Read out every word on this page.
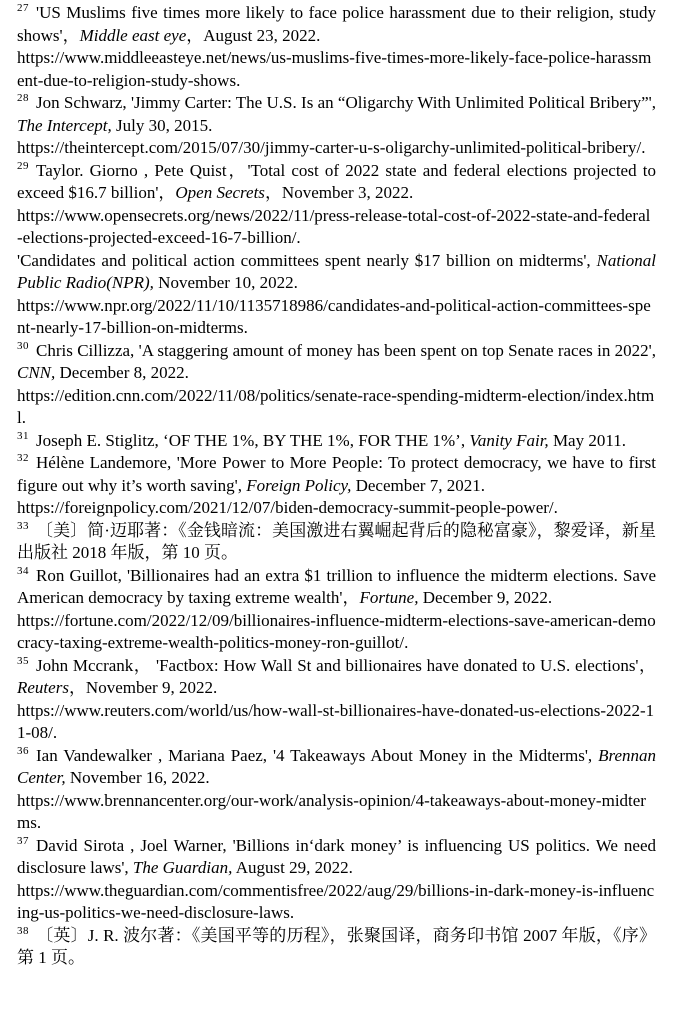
$^{27}$ 'US Muslims five times more likely to face police harassment due to their religion, study shows'，Middle east eye，August 23, 2022.
https://www.middleeasteye.net/news/us-muslims-five-times-more-likely-face-police-harassment-due-to-religion-study-shows.
$^{28}$ Jon Schwarz, 'Jimmy Carter: The U.S. Is an “Oligarchy With Unlimited Political Bribery”', The Intercept, July 30, 2015.
https://theintercept.com/2015/07/30/jimmy-carter-u-s-oligarchy-unlimited-political-bribery/.
$^{29}$ Taylor. Giorno , Pete Quist，'Total cost of 2022 state and federal elections projected to exceed $16.7 billion'，Open Secrets，November 3, 2022.
https://www.opensecrets.org/news/2022/11/press-release-total-cost-of-2022-state-and-federal-elections-projected-exceed-16-7-billion/.
'Candidates and political action committees spent nearly $17 billion on midterms', National Public Radio(NPR), November 10, 2022.
https://www.npr.org/2022/11/10/1135718986/candidates-and-political-action-committees-spent-nearly-17-billion-on-midterms.
$^{30}$ Chris Cillizza, 'A staggering amount of money has been spent on top Senate races in 2022', CNN, December 8, 2022.
https://edition.cnn.com/2022/11/08/politics/senate-race-spending-midterm-election/index.html.
$^{31}$ Joseph E. Stiglitz, ‘OF THE 1%, BY THE 1%, FOR THE 1%’, Vanity Fair, May 2011.
$^{32}$ Hélène Landemore, 'More Power to More People: To protect democracy, we have to first figure out why it’s worth saving', Foreign Policy, December 7, 2021.
https://foreignpolicy.com/2021/12/07/biden-democracy-summit-people-power/.
$^{33}$ 〔美〕简·迈耶著：《金钱暗流：美国激进右翼崛起背后的隐秘富豪》，黎爱译，新星出版社 2018 年版，第 10 页。
$^{34}$ Ron Guillot, 'Billionaires had an extra $1 trillion to influence the midterm elections. Save American democracy by taxing extreme wealth'，Fortune, December 9, 2022.
https://fortune.com/2022/12/09/billionaires-influence-midterm-elections-save-american-democracy-taxing-extreme-wealth-politics-money-ron-guillot/.
$^{35}$ John Mccrank， 'Factbox: How Wall St and billionaires have donated to U.S. elections'，Reuters，November 9, 2022.
https://www.reuters.com/world/us/how-wall-st-billionaires-have-donated-us-elections-2022-11-08/.
$^{36}$ Ian Vandewalker , Mariana Paez, '4 Takeaways About Money in the Midterms', Brennan Center, November 16, 2022.
https://www.brennancenter.org/our-work/analysis-opinion/4-takeaways-about-money-midterms.
$^{37}$ David Sirota , Joel Warner, 'Billions in‘dark money’ is influencing US politics. We need disclosure laws', The Guardian, August 29, 2022.
https://www.theguardian.com/commentisfree/2022/aug/29/billions-in-dark-money-is-influencing-us-politics-we-need-disclosure-laws.
$^{38}$ 〔英〕J. R. 波尔著：《美国平等的历程》，张聚国译，商务印书馆 2007 年版，《序》第 1 页。
